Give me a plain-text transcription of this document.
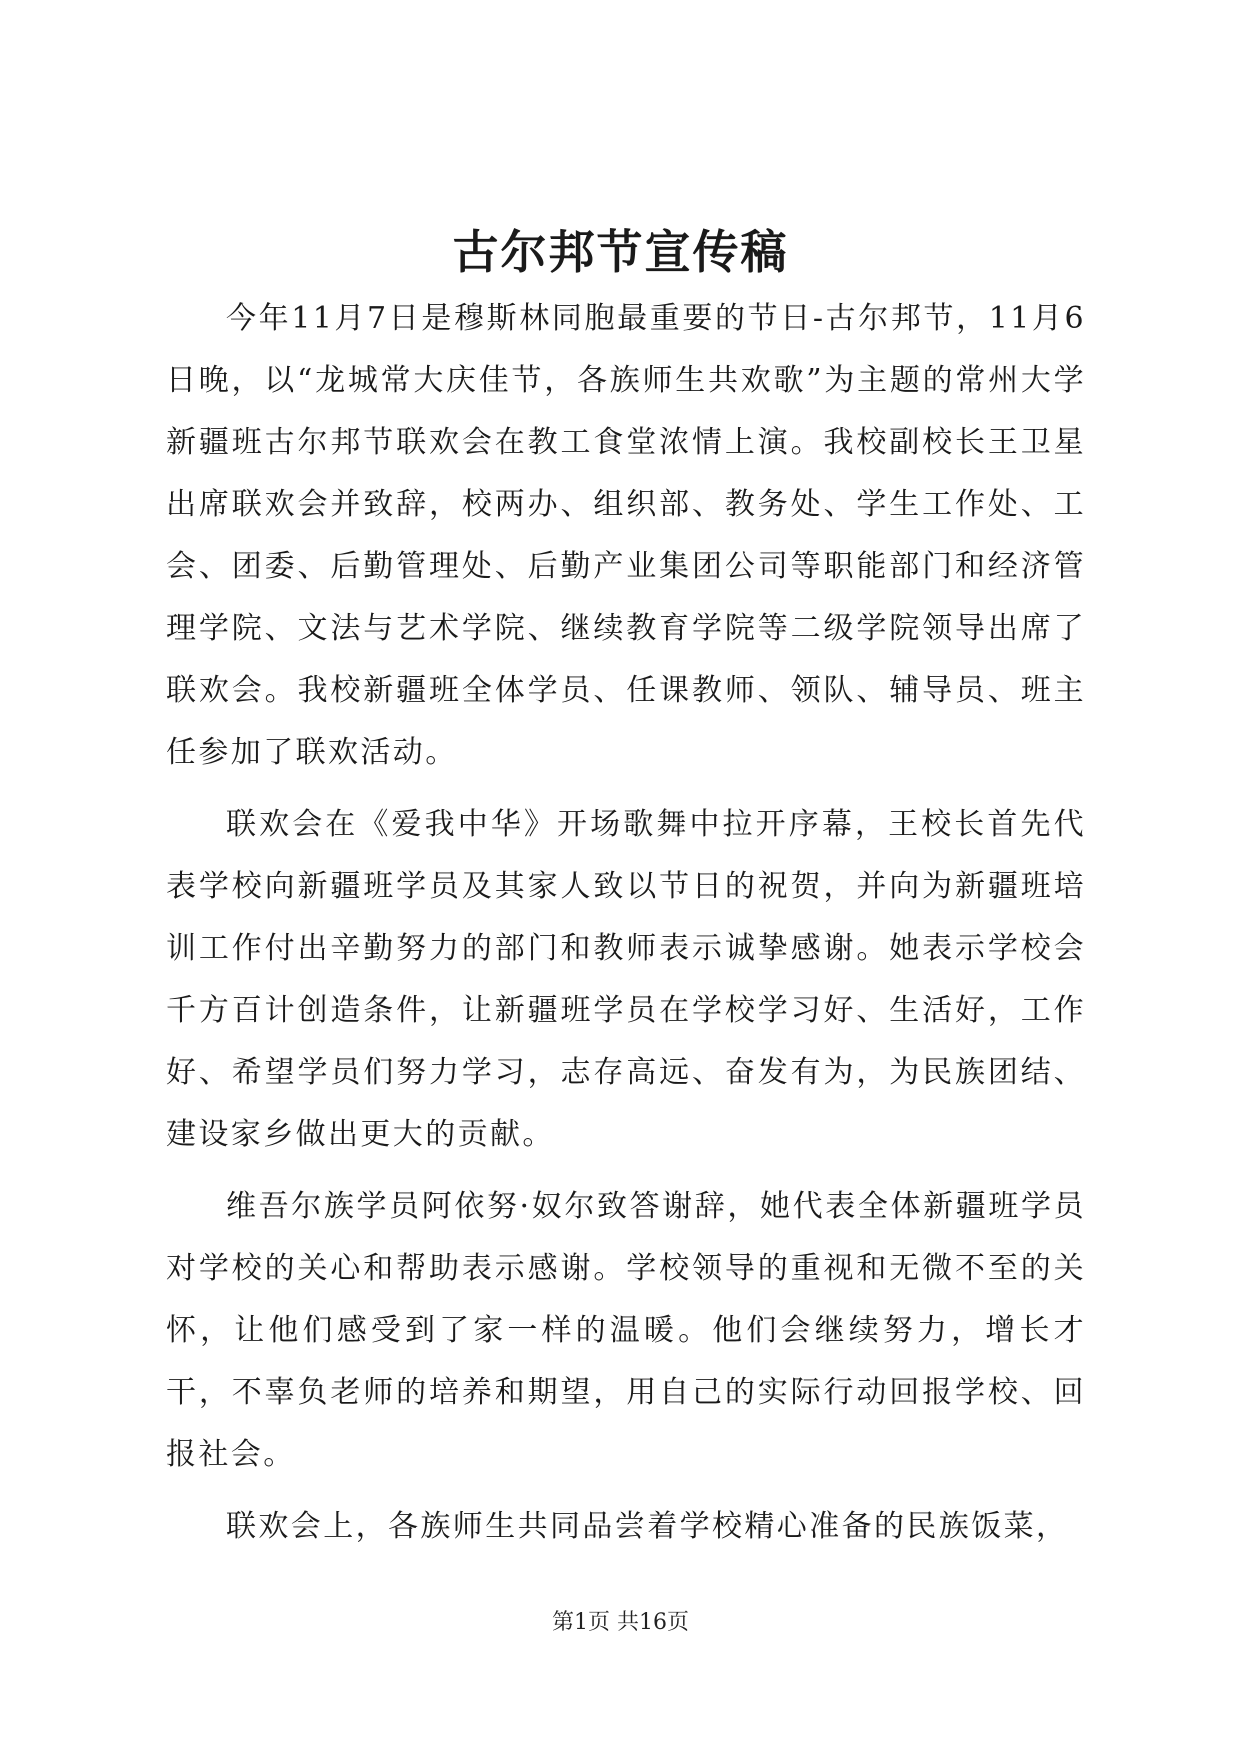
古尔邦节宣传稿

今年11月7日是穆斯林同胞最重要的节日-古尔邦节，11月6日晚，以“龙城常大庆佳节，各族师生共欢歌”为主题的常州大学新疆班古尔邦节联欢会在教工食堂浓情上演。我校副校长王卫星出席联欢会并致辞，校两办、组织部、教务处、学生工作处、工会、团委、后勤管理处、后勤产业集团公司等职能部门和经济管理学院、文法与艺术学院、继续教育学院等二级学院领导出席了联欢会。我校新疆班全体学员、任课教师、领队、辅导员、班主任参加了联欢活动。

联欢会在《爱我中华》开场歌舞中拉开序幕，王校长首先代表学校向新疆班学员及其家人致以节日的祝贺，并向为新疆班培训工作付出辛勤努力的部门和教师表示诚挚感谢。她表示学校会千方百计创造条件，让新疆班学员在学校学习好、生活好，工作好、希望学员们努力学习，志存高远、奋发有为，为民族团结、建设家乡做出更大的贡献。

维吾尔族学员阿依努·奴尔致答谢辞，她代表全体新疆班学员对学校的关心和帮助表示感谢。学校领导的重视和无微不至的关怀，让他们感受到了家一样的温暖。他们会继续努力，增长才干，不辜负老师的培养和期望，用自己的实际行动回报学校、回报社会。

联欢会上，各族师生共同品尝着学校精心准备的民族饭菜，

第1页 共16页
